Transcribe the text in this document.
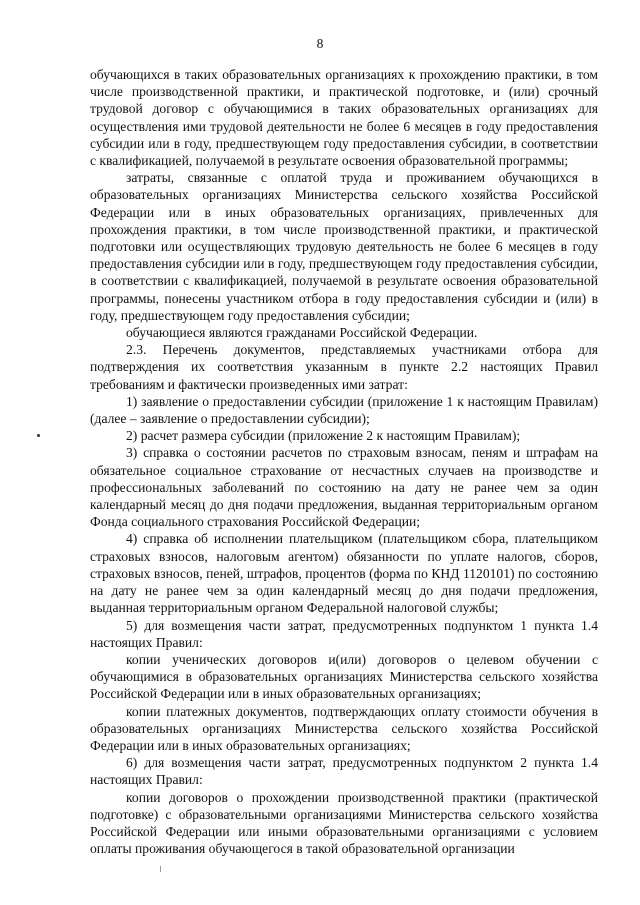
8

обучающихся в таких образовательных организациях к прохождению практики, в том числе производственной практики, и практической подготовке, и (или) срочный трудовой договор с обучающимися в таких образовательных организациях для осуществления ими трудовой деятельности не более 6 месяцев в году предоставления субсидии или в году, предшествующем году предоставления субсидии, в соответствии с квалификацией, получаемой в результате освоения образовательной программы;

затраты, связанные с оплатой труда и проживанием обучающихся в образовательных организациях Министерства сельского хозяйства Российской Федерации или в иных образовательных организациях, привлеченных для прохождения практики, в том числе производственной практики, и практической подготовки или осуществляющих трудовую деятельность не более 6 месяцев в году предоставления субсидии или в году, предшествующем году предоставления субсидии, в соответствии с квалификацией, получаемой в результате освоения образовательной программы, понесены участником отбора в году предоставления субсидии и (или) в году, предшествующем году предоставления субсидии;

обучающиеся являются гражданами Российской Федерации.

2.3. Перечень документов, представляемых участниками отбора для подтверждения их соответствия указанным в пункте 2.2 настоящих Правил требованиям и фактически произведенных ими затрат:

1) заявление о предоставлении субсидии (приложение 1 к настоящим Правилам) (далее – заявление о предоставлении субсидии);

2) расчет размера субсидии (приложение 2 к настоящим Правилам);

3) справка о состоянии расчетов по страховым взносам, пеням и штрафам на обязательное социальное страхование от несчастных случаев на производстве и профессиональных заболеваний по состоянию на дату не ранее чем за один календарный месяц до дня подачи предложения, выданная территориальным органом Фонда социального страхования Российской Федерации;

4) справка об исполнении плательщиком (плательщиком сбора, плательщиком страховых взносов, налоговым агентом) обязанности по уплате налогов, сборов, страховых взносов, пеней, штрафов, процентов (форма по КНД 1120101) по состоянию на дату не ранее чем за один календарный месяц до дня подачи предложения, выданная территориальным органом Федеральной налоговой службы;

5) для возмещения части затрат, предусмотренных подпунктом 1 пункта 1.4 настоящих Правил:

копии ученических договоров и(или) договоров о целевом обучении с обучающимися в образовательных организациях Министерства сельского хозяйства Российской Федерации или в иных образовательных организациях;

копии платежных документов, подтверждающих оплату стоимости обучения в образовательных организациях Министерства сельского хозяйства Российской Федерации или в иных образовательных организациях;

6) для возмещения части затрат, предусмотренных подпунктом 2 пункта 1.4 настоящих Правил:

копии договоров о прохождении производственной практики (практической подготовке) с образовательными организациями Министерства сельского хозяйства Российской Федерации или иными образовательными организациями с условием оплаты проживания обучающегося в такой образовательной организации
